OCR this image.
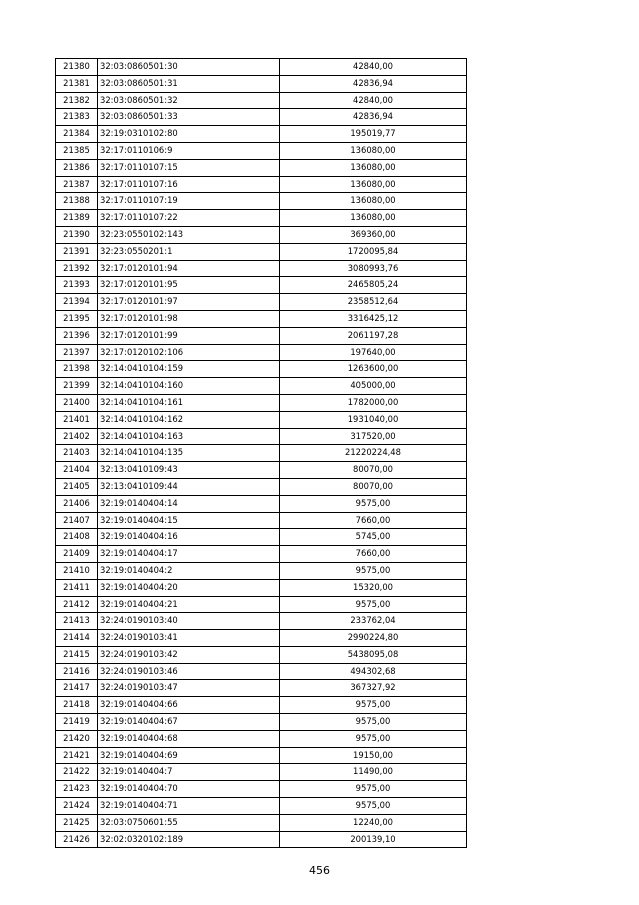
21380	32:03:0860501:30	42840,00
21381	32:03:0860501:31	42836,94
21382	32:03:0860501:32	42840,00
21383	32:03:0860501:33	42836,94
21384	32:19:0310102:80	195019,77
21385	32:17:0110106:9	136080,00
21386	32:17:0110107:15	136080,00
21387	32:17:0110107:16	136080,00
21388	32:17:0110107:19	136080,00
21389	32:17:0110107:22	136080,00
21390	32:23:0550102:143	369360,00
21391	32:23:0550201:1	1720095,84
21392	32:17:0120101:94	3080993,76
21393	32:17:0120101:95	2465805,24
21394	32:17:0120101:97	2358512,64
21395	32:17:0120101:98	3316425,12
21396	32:17:0120101:99	2061197,28
21397	32:17:0120102:106	197640,00
21398	32:14:0410104:159	1263600,00
21399	32:14:0410104:160	405000,00
21400	32:14:0410104:161	1782000,00
21401	32:14:0410104:162	1931040,00
21402	32:14:0410104:163	317520,00
21403	32:14:0410104:135	21220224,48
21404	32:13:0410109:43	80070,00
21405	32:13:0410109:44	80070,00
21406	32:19:0140404:14	9575,00
21407	32:19:0140404:15	7660,00
21408	32:19:0140404:16	5745,00
21409	32:19:0140404:17	7660,00
21410	32:19:0140404:2	9575,00
21411	32:19:0140404:20	15320,00
21412	32:19:0140404:21	9575,00
21413	32:24:0190103:40	233762,04
21414	32:24:0190103:41	2990224,80
21415	32:24:0190103:42	5438095,08
21416	32:24:0190103:46	494302,68
21417	32:24:0190103:47	367327,92
21418	32:19:0140404:66	9575,00
21419	32:19:0140404:67	9575,00
21420	32:19:0140404:68	9575,00
21421	32:19:0140404:69	19150,00
21422	32:19:0140404:7	11490,00
21423	32:19:0140404:70	9575,00
21424	32:19:0140404:71	9575,00
21425	32:03:0750601:55	12240,00
21426	32:02:0320102:189	200139,10
456
